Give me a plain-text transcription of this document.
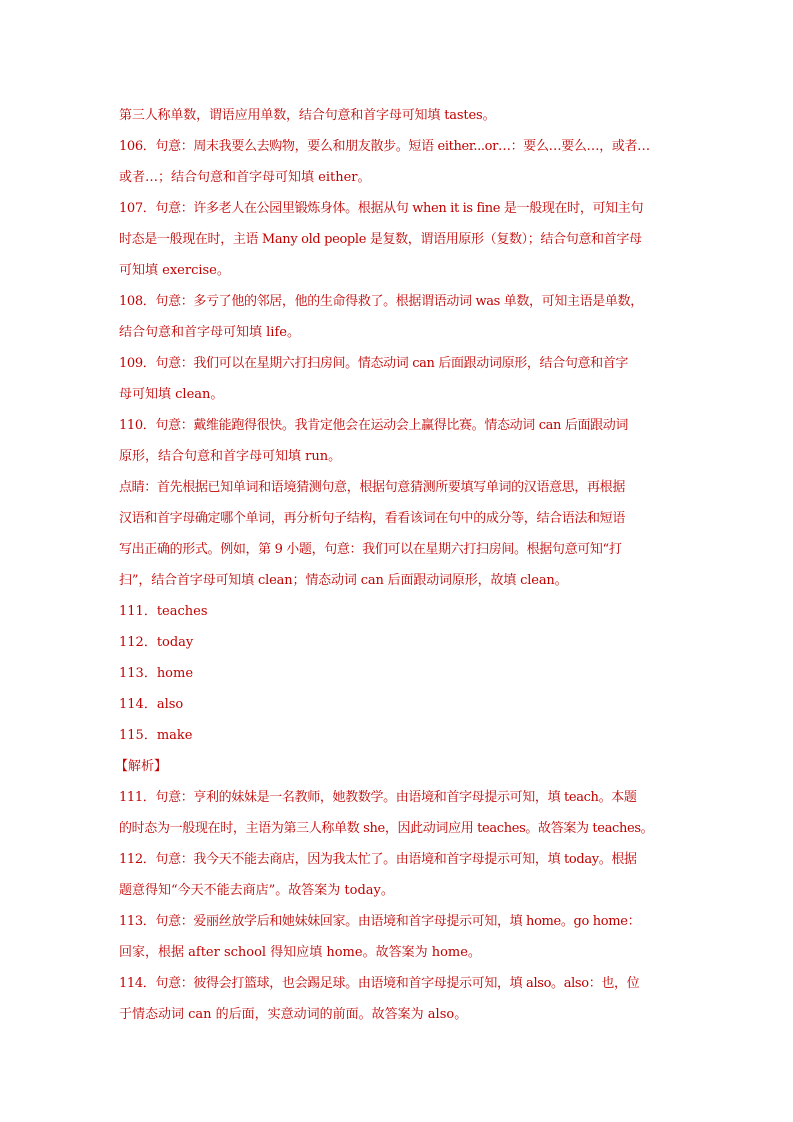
第三人称单数，谓语应用单数，结合句意和首字母可知填 tastes。
106．句意：周末我要么去购物，要么和朋友散步。短语 either...or…：要么…要么…，或者…
或者…；结合句意和首字母可知填 either。
107．句意：许多老人在公园里锻炼身体。根据从句 when it is fine 是一般现在时，可知主句
时态是一般现在时，主语 Many old people 是复数，谓语用原形（复数）；结合句意和首字母
可知填 exercise。
108．句意：多亏了他的邻居，他的生命得救了。根据谓语动词 was 单数，可知主语是单数，
结合句意和首字母可知填 life。
109．句意：我们可以在星期六打扫房间。情态动词 can 后面跟动词原形，结合句意和首字
母可知填 clean。
110．句意：戴维能跑得很快。我肯定他会在运动会上赢得比赛。情态动词 can 后面跟动词
原形，结合句意和首字母可知填 run。
点睛：首先根据已知单词和语境猜测句意，根据句意猜测所要填写单词的汉语意思，再根据
汉语和首字母确定哪个单词，再分析句子结构，看看该词在句中的成分等，结合语法和短语
写出正确的形式。例如，第 9 小题，句意：我们可以在星期六打扫房间。根据句意可知“打
扫”，结合首字母可知填 clean；情态动词 can 后面跟动词原形，故填 clean。
111．teaches
112．today
113．home
114．also
115．make
【解析】
111．句意：亨利的妹妹是一名教师，她教数学。由语境和首字母提示可知，填 teach。本题
的时态为一般现在时，主语为第三人称单数 she，因此动词应用 teaches。故答案为 teaches。
112．句意：我今天不能去商店，因为我太忙了。由语境和首字母提示可知，填 today。根据
题意得知“今天不能去商店”。故答案为 today。
113．句意：爱丽丝放学后和她妹妹回家。由语境和首字母提示可知，填 home。go home：
回家，根据 after school 得知应填 home。故答案为 home。
114．句意：彼得会打篮球，也会踢足球。由语境和首字母提示可知，填 also。also：也，位
于情态动词 can 的后面，实意动词的前面。故答案为 also。
